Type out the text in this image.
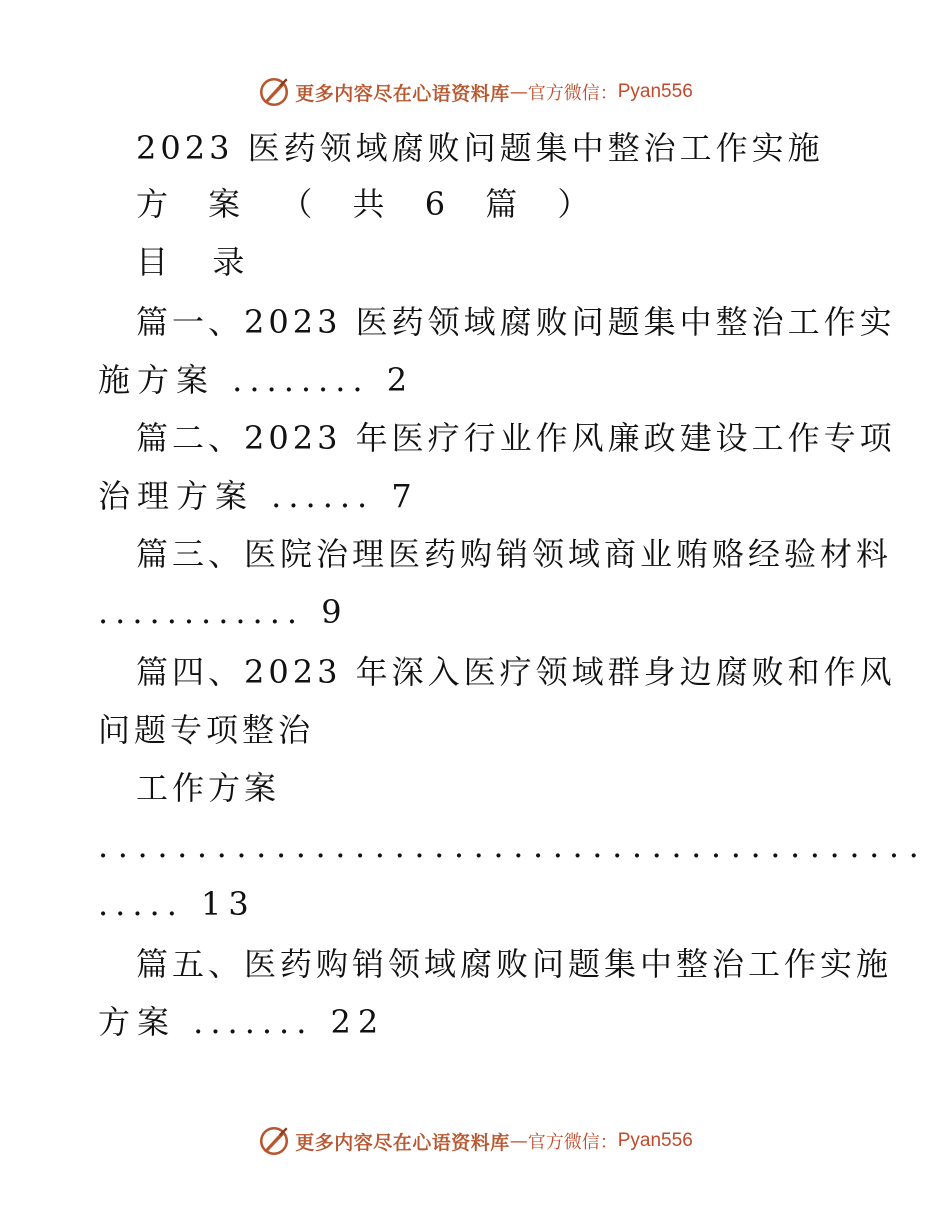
更多内容尽在心语资料库 — 官方微信： Pyan556
2023 医药领域腐败问题集中整治工作实施
方 案 （ 共 6 篇 ）
目  录
篇一、2023 医药领域腐败问题集中整治工作实
施方案 ........ 2
篇二、2023 年医疗行业作风廉政建设工作专项
治理方案 ...... 7
篇三、医院治理医药购销领域商业贿赂经验材料
............ 9
篇四、2023 年深入医疗领域群身边腐败和作风
问题专项整治
工作方案
..........................................
..... 13
篇五、医药购销领域腐败问题集中整治工作实施
方案 ....... 22
更多内容尽在心语资料库 — 官方微信： Pyan556
